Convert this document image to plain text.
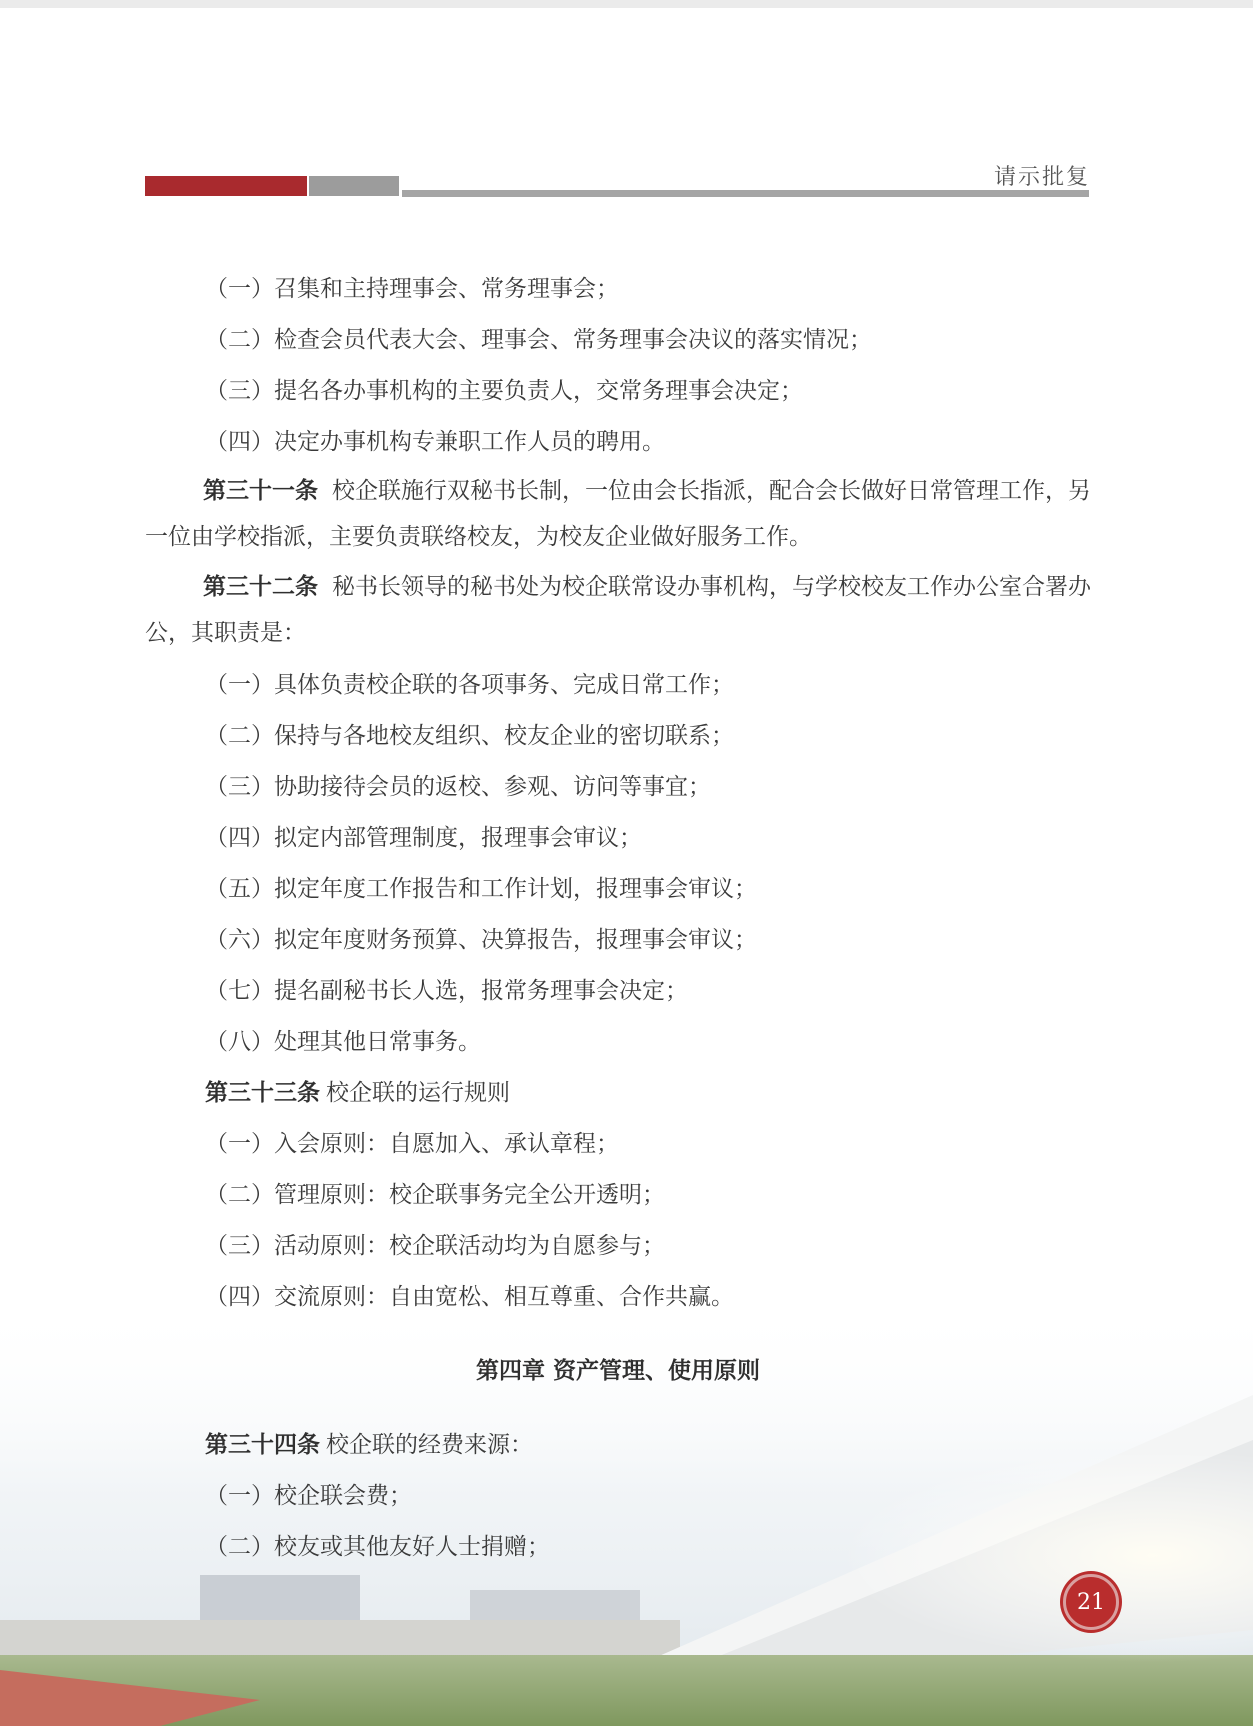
请示批复

（一）召集和主持理事会、常务理事会；

（二）检查会员代表大会、理事会、常务理事会决议的落实情况；

（三）提名各办事机构的主要负责人，交常务理事会决定；

（四）决定办事机构专兼职工作人员的聘用。

第三十一条 校企联施行双秘书长制，一位由会长指派，配合会长做好日常管理工作，另一位由学校指派，主要负责联络校友，为校友企业做好服务工作。

第三十二条 秘书长领导的秘书处为校企联常设办事机构，与学校校友工作办公室合署办公，其职责是：

（一）具体负责校企联的各项事务、完成日常工作；

（二）保持与各地校友组织、校友企业的密切联系；

（三）协助接待会员的返校、参观、访问等事宜；

（四）拟定内部管理制度，报理事会审议；

（五）拟定年度工作报告和工作计划，报理事会审议；

（六）拟定年度财务预算、决算报告，报理事会审议；

（七）提名副秘书长人选，报常务理事会决定；

（八）处理其他日常事务。

第三十三条 校企联的运行规则

（一）入会原则：自愿加入、承认章程；

（二）管理原则：校企联事务完全公开透明；

（三）活动原则：校企联活动均为自愿参与；

（四）交流原则：自由宽松、相互尊重、合作共赢。

第四章 资产管理、使用原则

第三十四条 校企联的经费来源：

（一）校企联会费；

（二）校友或其他友好人士捐赠；

21
